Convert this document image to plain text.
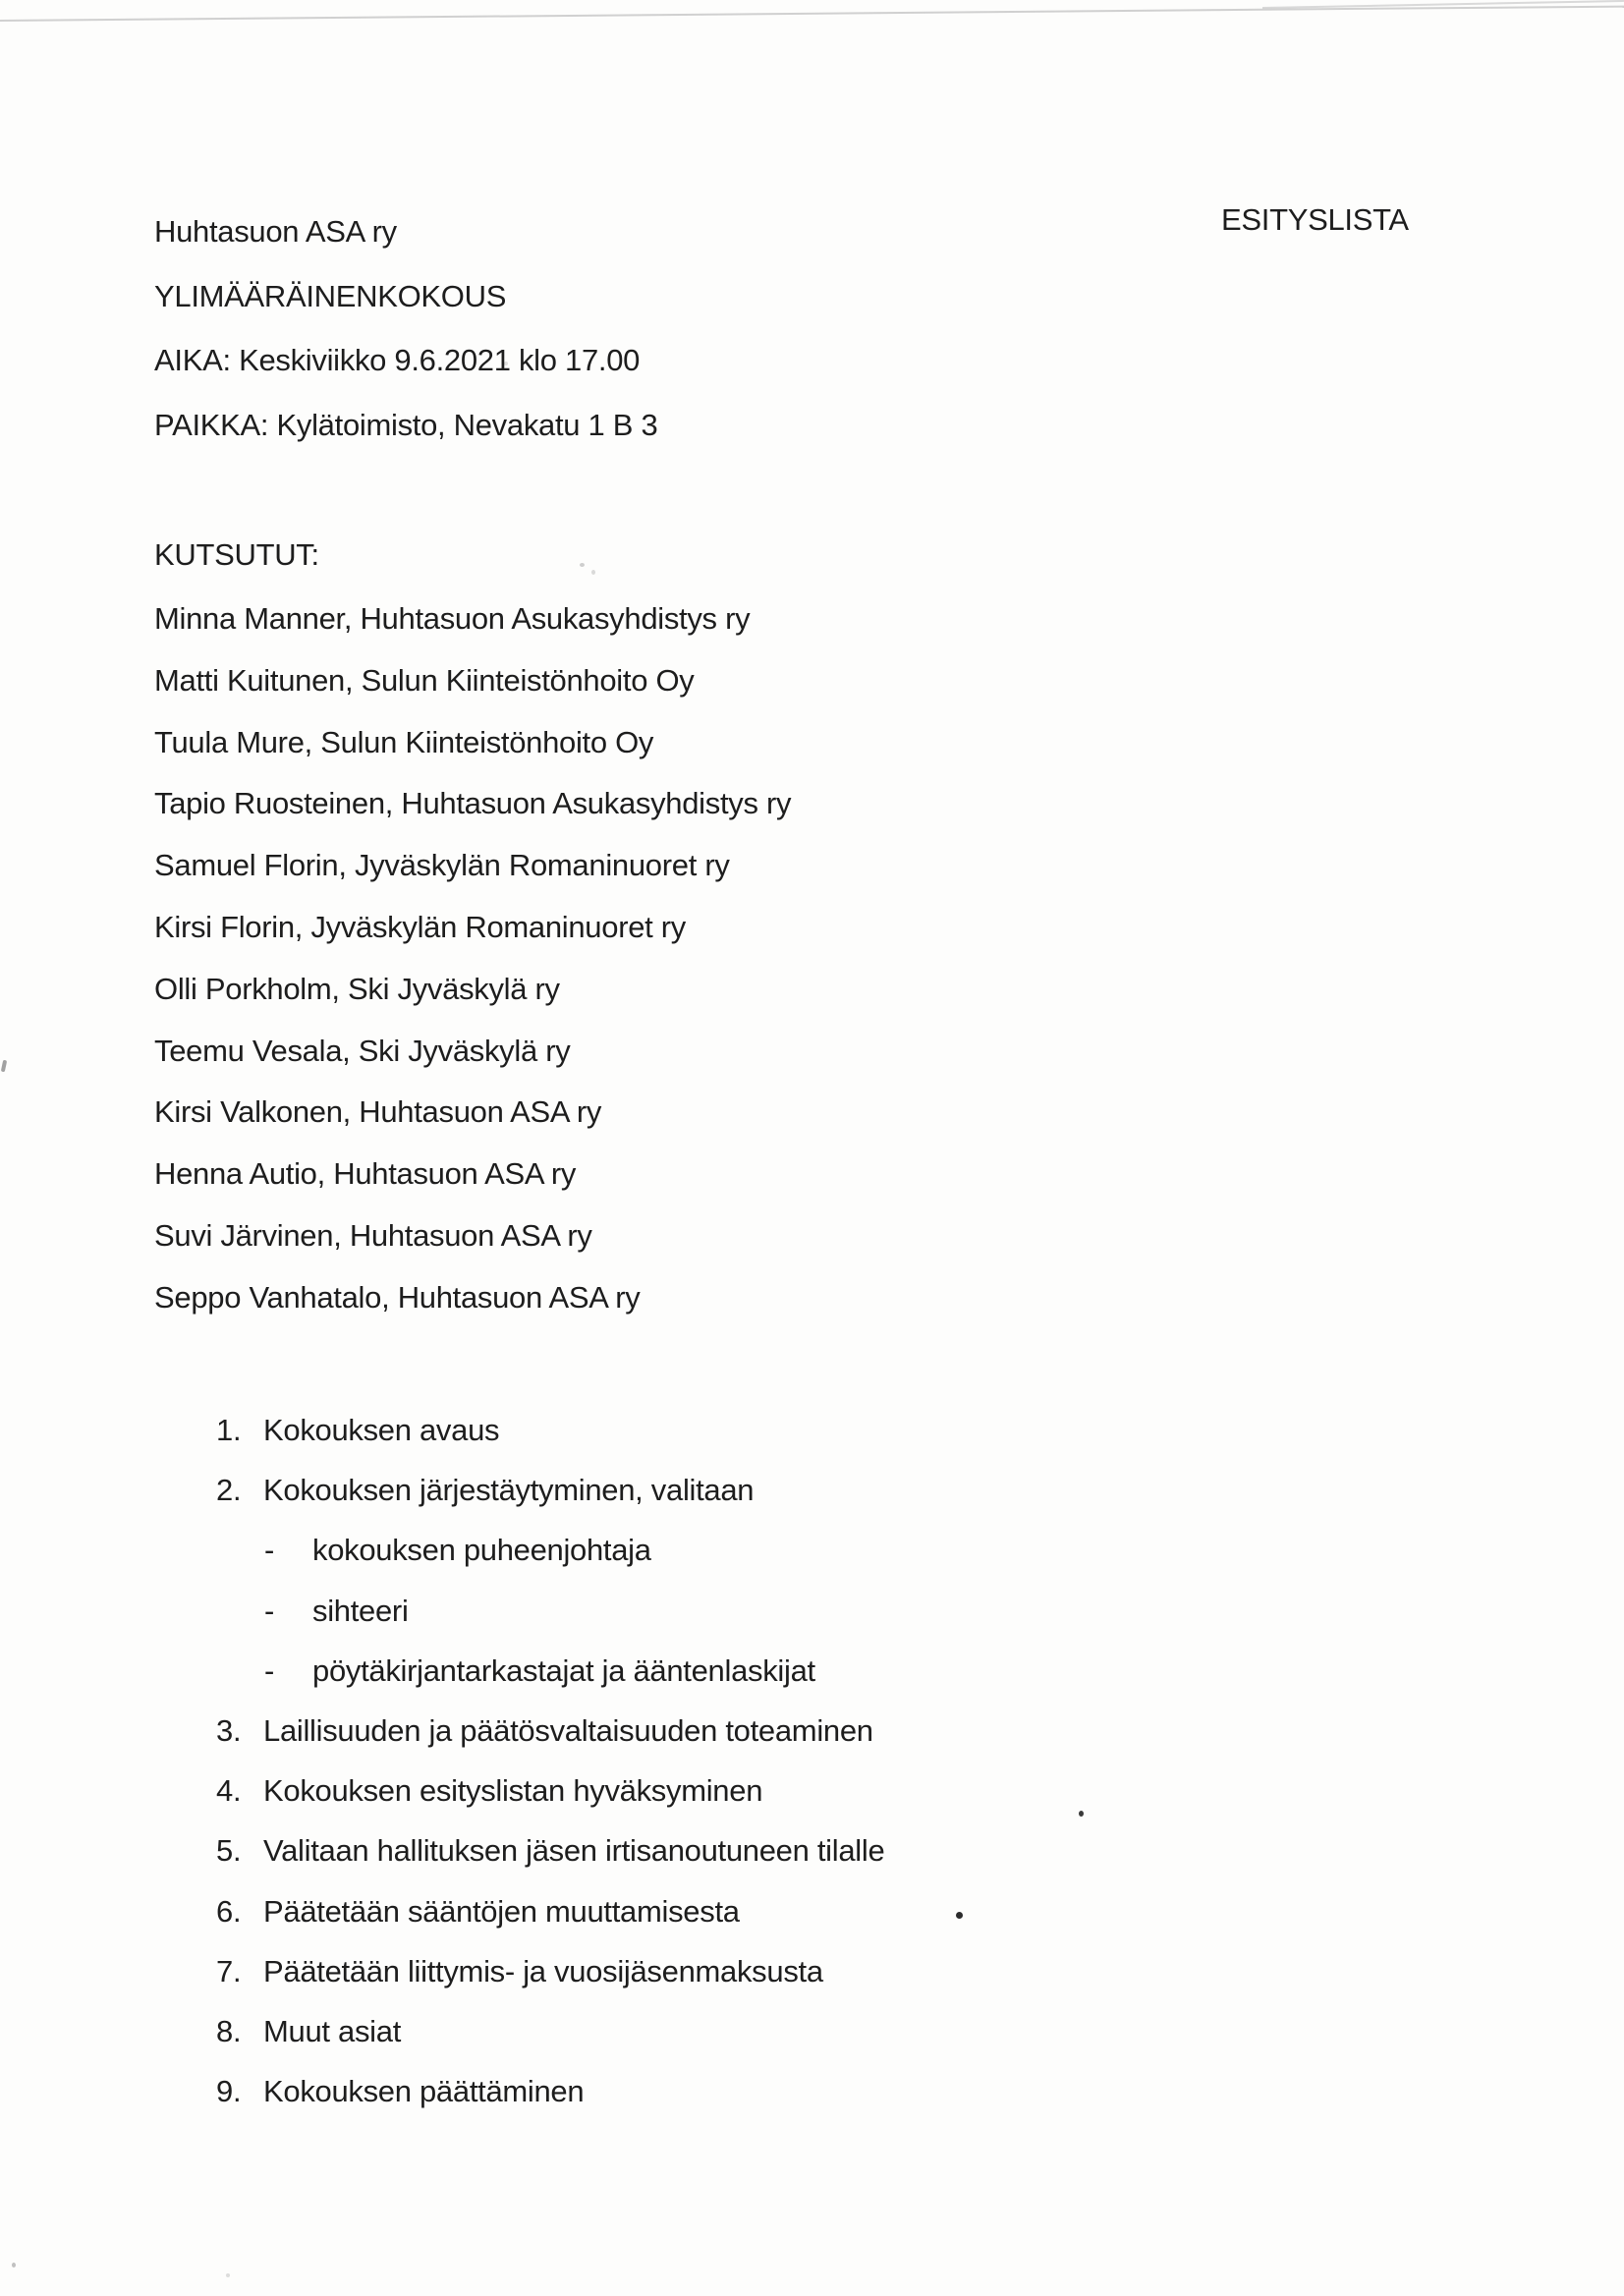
Huhtasuon ASA ry	ESITYSLISTA
YLIMÄÄRÄINENKOKOUS
AIKA: Keskiviikko 9.6.2021 klo 17.00
PAIKKA: Kylätoimisto, Nevakatu 1 B 3
KUTSUTUT:
Minna Manner, Huhtasuon Asukasyhdistys ry
Matti Kuitunen, Sulun Kiinteistönhoito Oy
Tuula Mure, Sulun Kiinteistönhoito Oy
Tapio Ruosteinen, Huhtasuon Asukasyhdistys ry
Samuel Florin, Jyväskylän Romaninuoret ry
Kirsi Florin, Jyväskylän Romaninuoret ry
Olli Porkholm, Ski Jyväskylä ry
Teemu Vesala, Ski Jyväskylä ry
Kirsi Valkonen, Huhtasuon ASA ry
Henna Autio, Huhtasuon ASA ry
Suvi Järvinen, Huhtasuon ASA ry
Seppo Vanhatalo, Huhtasuon ASA ry
1. Kokouksen avaus
2. Kokouksen järjestäytyminen, valitaan
- kokouksen puheenjohtaja
- sihteeri
- pöytäkirjantarkastajat ja ääntenlaskijat
3. Laillisuuden ja päätösvaltaisuuden toteaminen
4. Kokouksen esityslistan hyväksyminen
5. Valitaan hallituksen jäsen irtisanoutuneen tilalle
6. Päätetään sääntöjen muuttamisesta
7. Päätetään liittymis- ja vuosijäsenmaksusta
8. Muut asiat
9. Kokouksen päättäminen
